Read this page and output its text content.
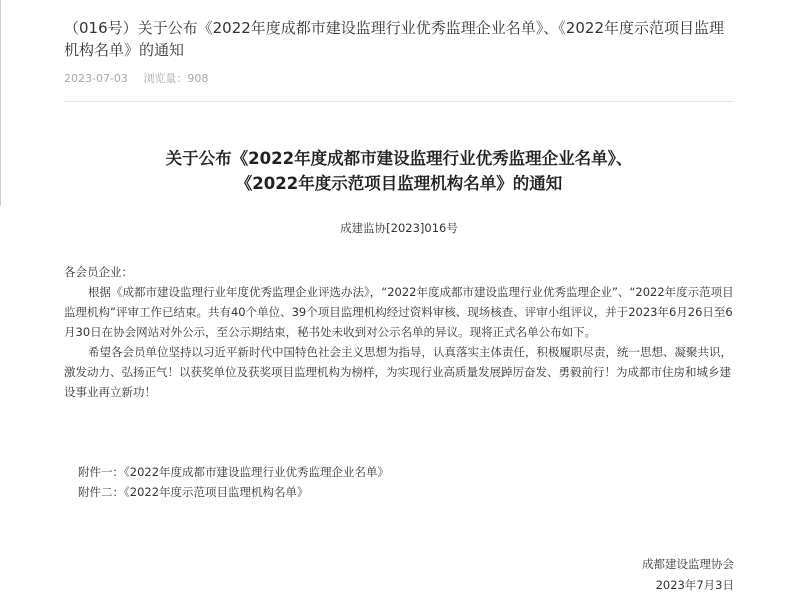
（016号）关于公布《2022年度成都市建设监理行业优秀监理企业名单》、《2022年度示范项目监理机构名单》的通知
2023-07-03 浏览量：908
关于公布《2022年度成都市建设监理行业优秀监理企业名单》、
《2022年度示范项目监理机构名单》的通知
成建监协[2023]016号

各会员企业：

根据《成都市建设监理行业年度优秀监理企业评选办法》，“2022年度成都市建设监理行业优秀监理企业”、“2022年度示范项目监理机构”评审工作已结束。共有40个单位、39个项目监理机构经过资料审核、现场核查、评审小组评议，并于2023年6月26日至6月30日在协会网站对外公示，至公示期结束，秘书处未收到对公示名单的异议。现将正式名单公布如下。

希望各会员单位坚持以习近平新时代中国特色社会主义思想为指导，认真落实主体责任，积极履职尽责，统一思想、凝聚共识，激发动力、弘扬正气！以获奖单位及获奖项目监理机构为榜样，为实现行业高质量发展踔厉奋发、勇毅前行！为成都市住房和城乡建设事业再立新功！

附件一：《2022年度成都市建设监理行业优秀监理企业名单》
附件二：《2022年度示范项目监理机构名单》
成都建设监理协会
2023年7月3日
